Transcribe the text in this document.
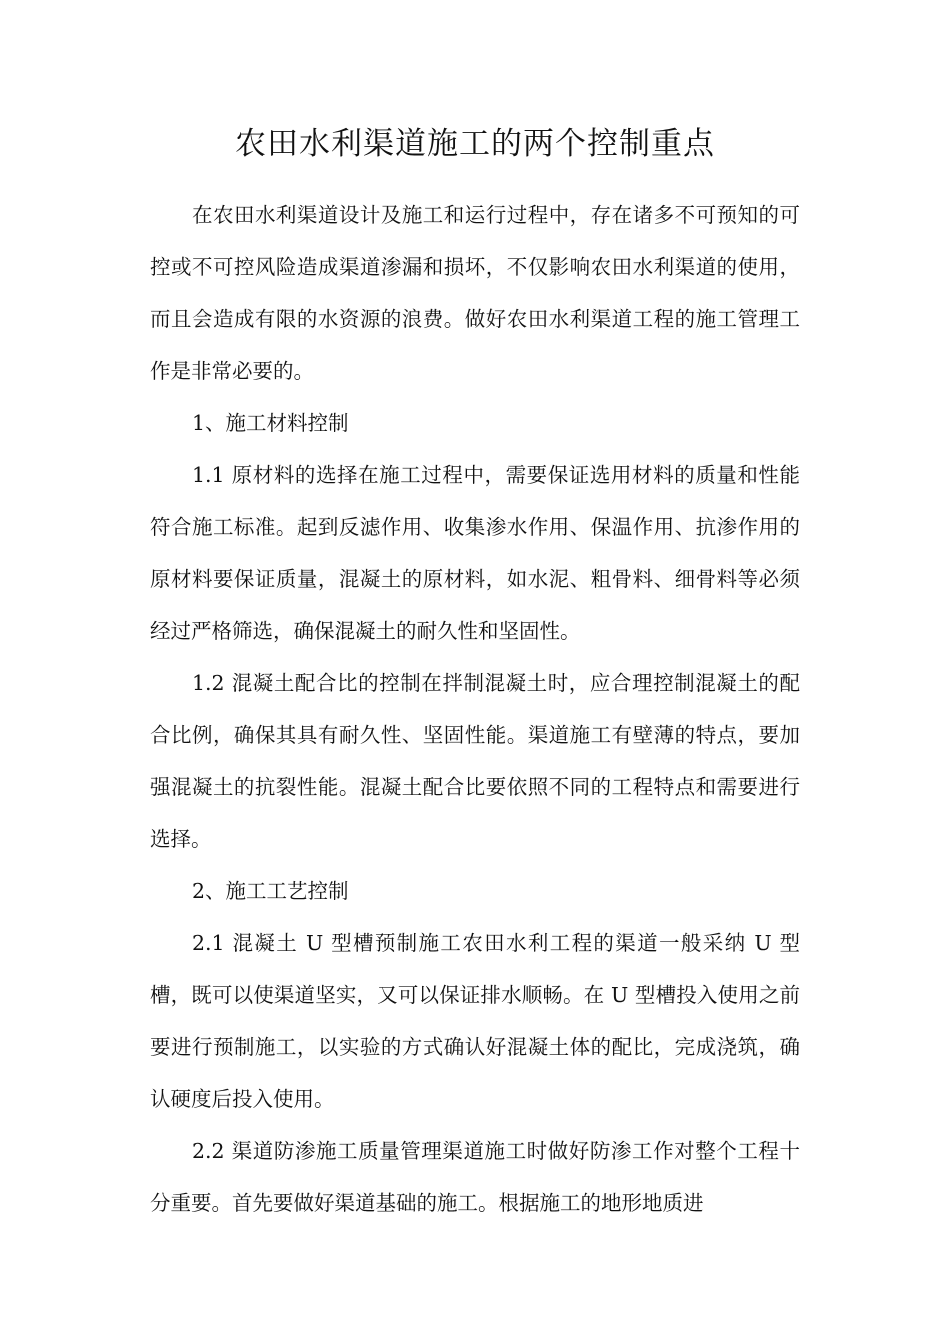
农田水利渠道施工的两个控制重点

在农田水利渠道设计及施工和运行过程中，存在诸多不可预知的可控或不可控风险造成渠道渗漏和损坏，不仅影响农田水利渠道的使用，而且会造成有限的水资源的浪费。做好农田水利渠道工程的施工管理工作是非常必要的。

1、施工材料控制

1.1 原材料的选择在施工过程中，需要保证选用材料的质量和性能符合施工标准。起到反滤作用、收集渗水作用、保温作用、抗渗作用的原材料要保证质量，混凝土的原材料，如水泥、粗骨料、细骨料等必须经过严格筛选，确保混凝土的耐久性和坚固性。

1.2 混凝土配合比的控制在拌制混凝土时，应合理控制混凝土的配合比例，确保其具有耐久性、坚固性能。渠道施工有壁薄的特点，要加强混凝土的抗裂性能。混凝土配合比要依照不同的工程特点和需要进行选择。

2、施工工艺控制

2.1 混凝土 U 型槽预制施工农田水利工程的渠道一般采纳 U 型槽，既可以使渠道坚实，又可以保证排水顺畅。在 U 型槽投入使用之前要进行预制施工，以实验的方式确认好混凝土体的配比，完成浇筑，确认硬度后投入使用。

2.2 渠道防渗施工质量管理渠道施工时做好防渗工作对整个工程十分重要。首先要做好渠道基础的施工。根据施工的地形地质进
